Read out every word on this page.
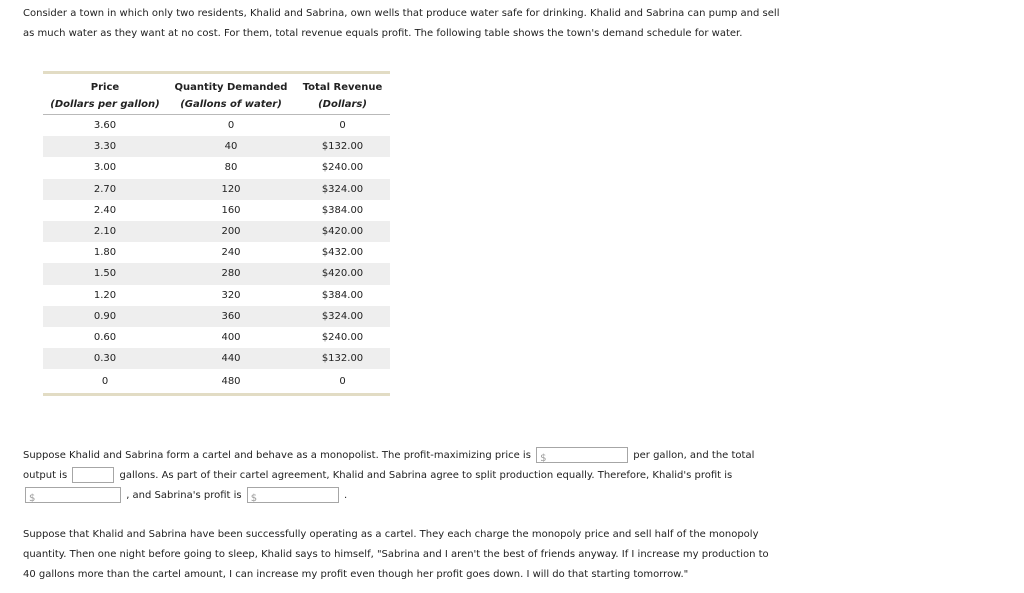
Consider a town in which only two residents, Khalid and Sabrina, own wells that produce water safe for drinking. Khalid and Sabrina can pump and sell as much water as they want at no cost. For them, total revenue equals profit. The following table shows the town's demand schedule for water.

Price	Quantity Demanded	Total Revenue
(Dollars per gallon)	(Gallons of water)	(Dollars)
3.60	0	0
3.30	40	$132.00
3.00	80	$240.00
2.70	120	$324.00
2.40	160	$384.00
2.10	200	$420.00
1.80	240	$432.00
1.50	280	$420.00
1.20	320	$384.00
0.90	360	$324.00
0.60	400	$240.00
0.30	440	$132.00
0	480	0

Suppose Khalid and Sabrina form a cartel and behave as a monopolist. The profit-maximizing price is $	per gallon, and the total output is	gallons. As part of their cartel agreement, Khalid and Sabrina agree to split production equally. Therefore, Khalid's profit is
$	, and Sabrina's profit is $	.

Suppose that Khalid and Sabrina have been successfully operating as a cartel. They each charge the monopoly price and sell half of the monopoly quantity. Then one night before going to sleep, Khalid says to himself, "Sabrina and I aren't the best of friends anyway. If I increase my production to 40 gallons more than the cartel amount, I can increase my profit even though her profit goes down. I will do that starting tomorrow."
